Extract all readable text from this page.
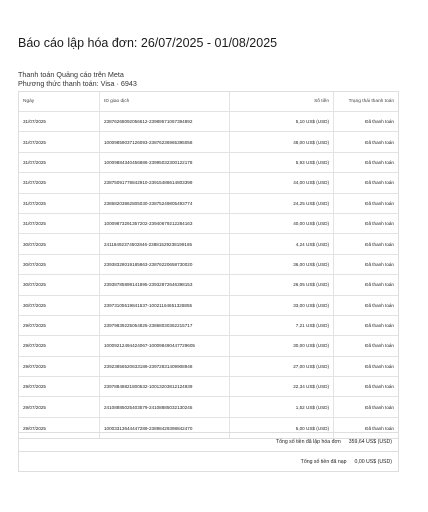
Báo cáo lập hóa đơn: 26/07/2025 - 01/08/2025
Thanh toán Quảng cáo trên Meta
Phương thức thanh toán: Visa · 6943
Ngày	ID giao dịch	Số tiền	Trạng thái thanh toán
31/07/2025	23876268092056612-23989571067394892	5,10 US$ (USD)	Đã thanh toán
31/07/2025	10009859037126093-23876236965395058	48,00 US$ (USD)	Đã thanh toán
31/07/2025	10009884340456886-23995032300122178	5,93 US$ (USD)	Đã thanh toán
31/07/2025	23875091778842910-23915488614803399	44,00 US$ (USD)	Đã thanh toán
31/07/2025	23868203862805030-23875249805493774	24,25 US$ (USD)	Đã thanh toán
31/07/2025	10009873291357202-23940679212284163	40,00 US$ (USD)	Đã thanh toán
30/07/2025	24118492374502846-23881529238199165	4,24 US$ (USD)	Đã thanh toán
30/07/2025	23938328019185863-23876220658730020	36,00 US$ (USD)	Đã thanh toán
30/07/2025	23938785899141895-23932872646398153	26,05 US$ (USD)	Đã thanh toán
30/07/2025	23973105519841537-10021164651328855	33,00 US$ (USD)	Đã thanh toán
29/07/2025	23979839225054825-23868030362215717	7,21 US$ (USD)	Đã thanh toán
29/07/2025	10009212494424067-10009849044772960​5	30,00 US$ (USD)	Đã thanh toán
29/07/2025	23923856520633189-23972831409908948	27,00 US$ (USD)	Đã thanh toán
29/07/2025	23978848821800532-10013203812124939	22,34 US$ (USD)	Đã thanh toán
29/07/2025	24108885025403579-24108885032130245	1,52 US$ (USD)	Đã thanh toán
29/07/2025	10003313644447289-23898429398842470	5,00 US$ (USD)	Đã thanh toán
Tổng số tiền đã lập hóa đơn 359,64 US$ (USD)
Tổng số tiền đã nạp 0,00 US$ (USD)
